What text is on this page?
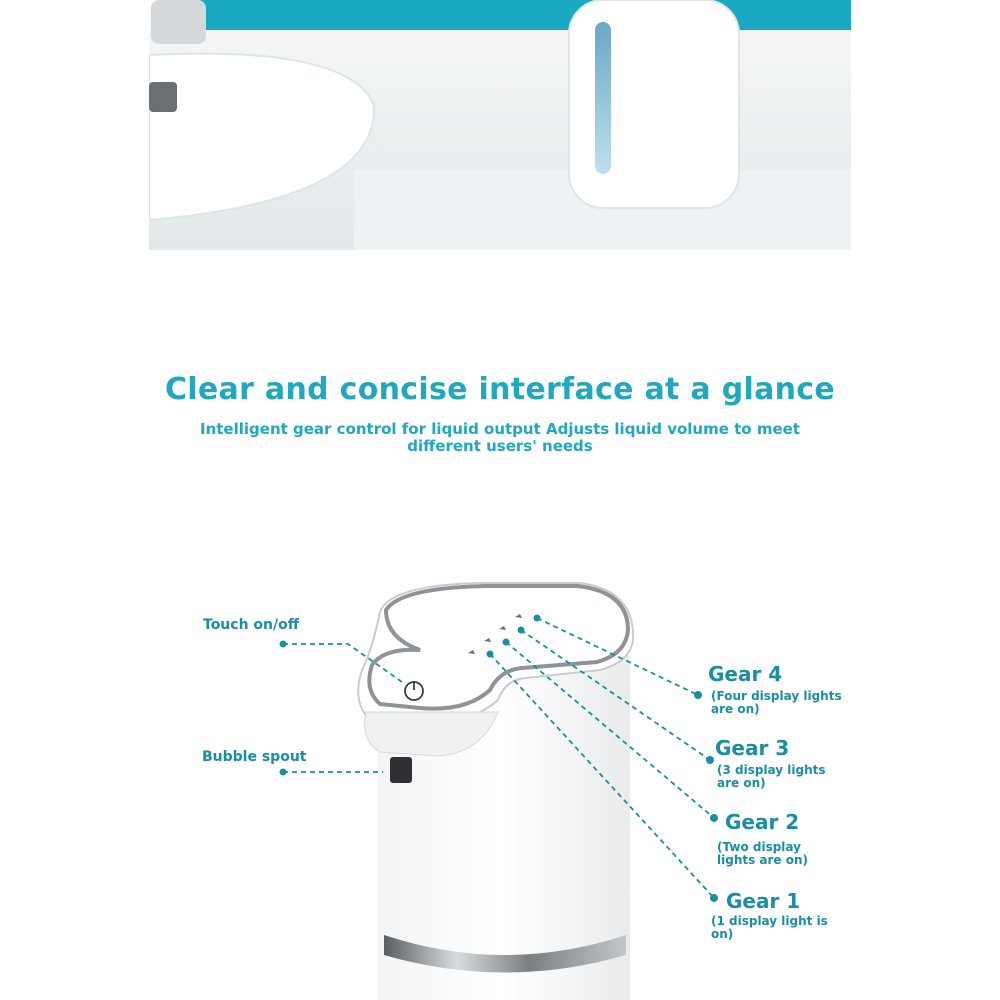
Clear and concise interface at a glance
Intelligent gear control for liquid output Adjusts liquid volume to meet
different users' needs
Touch on/off
Bubble spout
Gear 4
(Four display lights
are on)
Gear 3
(3 display lights
are on)
Gear 2
(Two display
lights are on)
Gear 1
(1 display light is
on)
